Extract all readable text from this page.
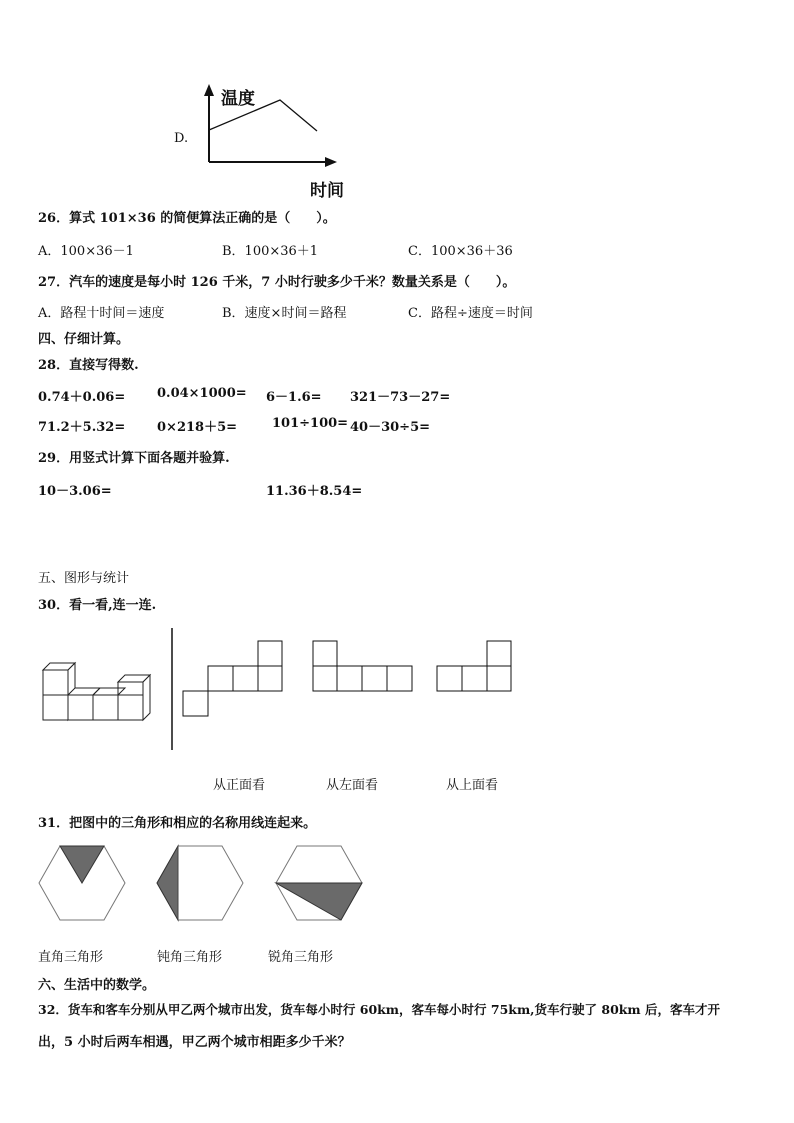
D.
温度
时间
26．算式 101×36 的简便算法正确的是（　　）。
A．100×36－1	B．100×36＋1	C．100×36＋36
27．汽车的速度是每小时 126 千米，7 小时行驶多少千米？数量关系是（　　）。
A．路程十时间＝速度	B．速度×时间＝路程	C．路程÷速度＝时间
四、仔细计算。
28．直接写得数.
0.74＋0.06= 0.04×1000= 6－1.6= 321－73－27=
71.2＋5.32= 0×218＋5=	101÷100= 40－30÷5=
29．用竖式计算下面各题并验算.
10－3.06=	11.36＋8.54=
五、图形与统计
30．看一看,连一连.
从正面看	从左面看	从上面看
31．把图中的三角形和相应的名称用线连起来。
直角三角形	钝角三角形	锐角三角形
六、生活中的数学。
32．货车和客车分别从甲乙两个城市出发，货车每小时行 60km，客车每小时行 75km,货车行驶了 80km 后，客车才开
出，5 小时后两车相遇，甲乙两个城市相距多少千米？
